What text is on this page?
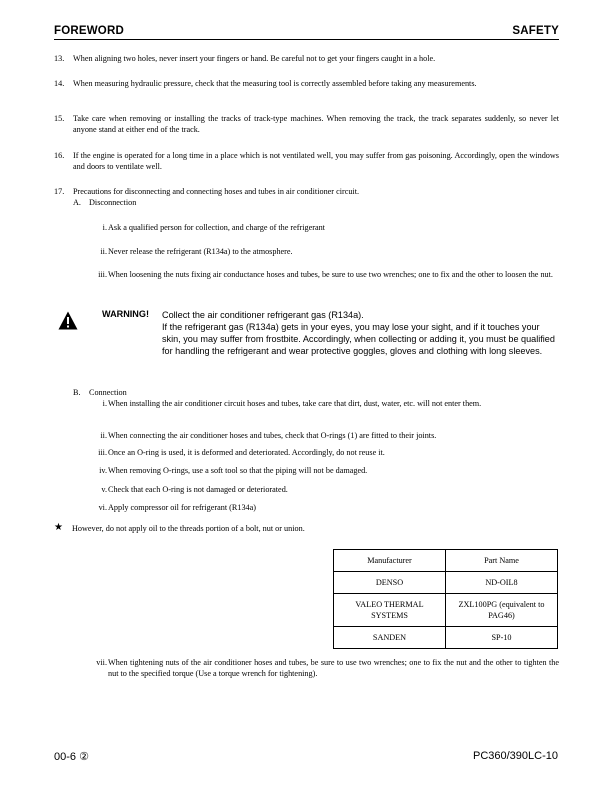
FOREWORD	SAFETY
13. When aligning two holes, never insert your fingers or hand. Be careful not to get your fingers caught in a hole.
14. When measuring hydraulic pressure, check that the measuring tool is correctly assembled before taking any measurements.
15. Take care when removing or installing the tracks of track-type machines. When removing the track, the track separates suddenly, so never let anyone stand at either end of the track.
16. If the engine is operated for a long time in a place which is not ventilated well, you may suffer from gas poisoning. Accordingly, open the windows and doors to ventilate well.
17. Precautions for disconnecting and connecting hoses and tubes in air conditioner circuit.
A. Disconnection
i. Ask a qualified person for collection, and charge of the refrigerant
ii. Never release the refrigerant (R134a) to the atmosphere.
iii. When loosening the nuts fixing air conductance hoses and tubes, be sure to use two wrenches; one to fix and the other to loosen the nut.
WARNING! Collect the air conditioner refrigerant gas (R134a).
If the refrigerant gas (R134a) gets in your eyes, you may lose your sight, and if it touches your skin, you may suffer from frostbite. Accordingly, when collecting or adding it, you must be qualified for handling the refrigerant and wear protective goggles, gloves and clothing with long sleeves.
B. Connection
i. When installing the air conditioner circuit hoses and tubes, take care that dirt, dust, water, etc. will not enter them.
ii. When connecting the air conditioner hoses and tubes, check that O-rings (1) are fitted to their joints.
iii. Once an O-ring is used, it is deformed and deteriorated. Accordingly, do not reuse it.
iv. When removing O-rings, use a soft tool so that the piping will not be damaged.
v. Check that each O-ring is not damaged or deteriorated.
vi. Apply compressor oil for refrigerant (R134a)
★ However, do not apply oil to the threads portion of a bolt, nut or union.
Manufacturer	Part Name
DENSO	ND-OIL8
VALEO THERMAL SYSTEMS	ZXL100PG (equivalent to PAG46)
SANDEN	SP-10
vii. When tightening nuts of the air conditioner hoses and tubes, be sure to use two wrenches; one to fix the nut and the other to tighten the nut to the specified torque (Use a torque wrench for tightening).
00-6 ②	PC360/390LC-10
